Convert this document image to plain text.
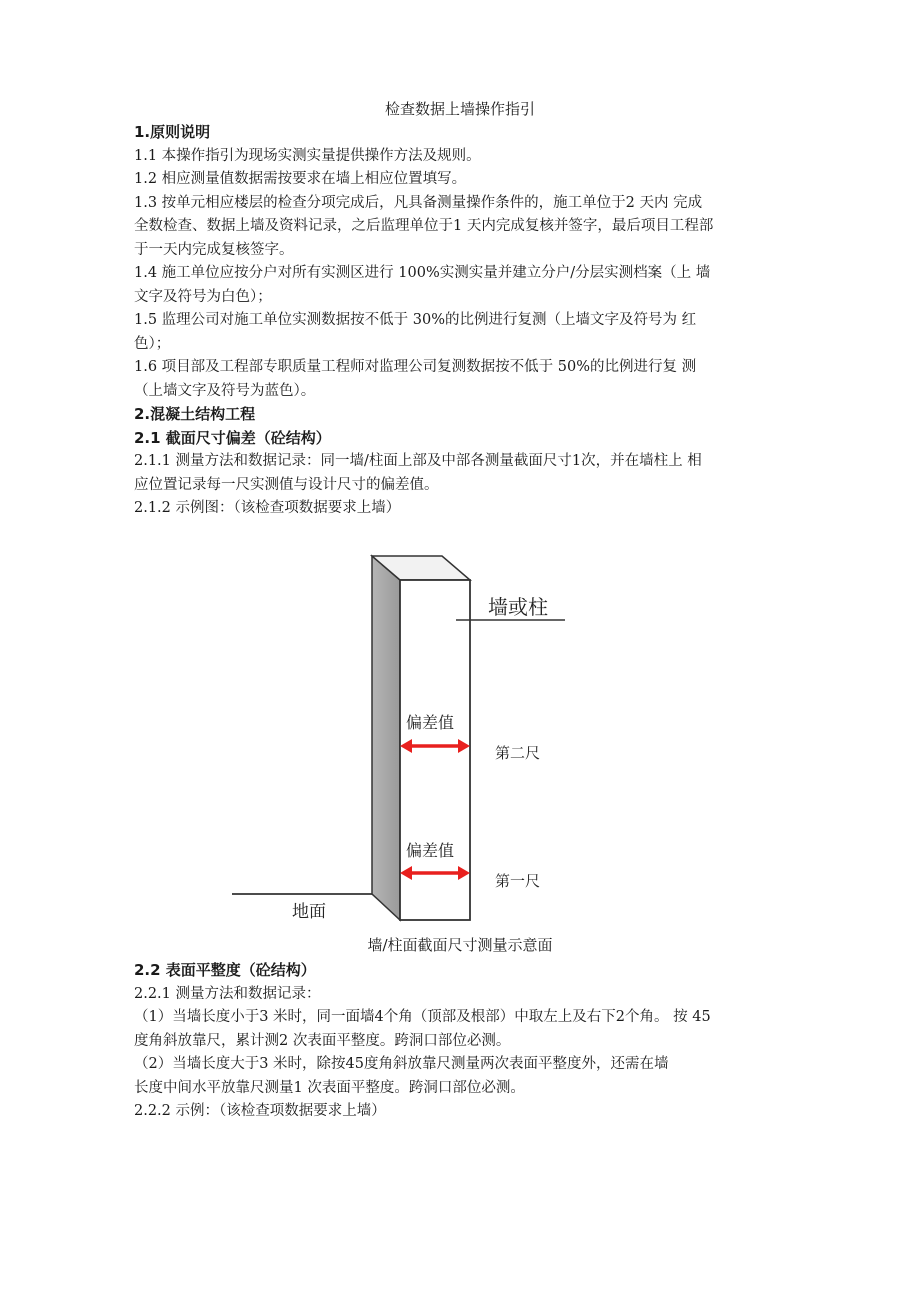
检查数据上墙操作指引

1.原则说明

1.1 本操作指引为现场实测实量提供操作方法及规则。

1.2 相应测量值数据需按要求在墙上相应位置填写。

1.3 按单元相应楼层的检查分项完成后，凡具备测量操作条件的，施工单位于2 天内 完成

全数检查、数据上墙及资料记录，之后监理单位于1 天内完成复核并签字，最后项目工程部

于一天内完成复核签字。

1.4 施工单位应按分户对所有实测区进行 100%实测实量并建立分户/分层实测档案（上 墙

文字及符号为白色）；

1.5 监理公司对施工单位实测数据按不低于 30%的比例进行复测（上墙文字及符号为 红

色）；

1.6 项目部及工程部专职质量工程师对监理公司复测数据按不低于 50%的比例进行复 测

（上墙文字及符号为蓝色）。

2.混凝土结构工程

2.1 截面尺寸偏差（砼结构）

2.1.1 测量方法和数据记录：同一墙/柱面上部及中部各测量截面尺寸1次，并在墙柱上 相

应位置记录每一尺实测值与设计尺寸的偏差值。

2.1.2 示例图：（该检查项数据要求上墙）

墙或柱
偏差值
第二尺
偏差值
第一尺
地面
墙/柱面截面尺寸测量示意面

2.2 表面平整度（砼结构）

2.2.1 测量方法和数据记录：

（1）当墙长度小于3 米时，同一面墙4个角（顶部及根部）中取左上及右下2个角。 按 45

度角斜放靠尺，累计测2 次表面平整度。跨洞口部位必测。

（2）当墙长度大于3 米时，除按45度角斜放靠尺测量两次表面平整度外，还需在墙

长度中间水平放靠尺测量1 次表面平整度。跨洞口部位必测。

2.2.2 示例：（该检查项数据要求上墙）
